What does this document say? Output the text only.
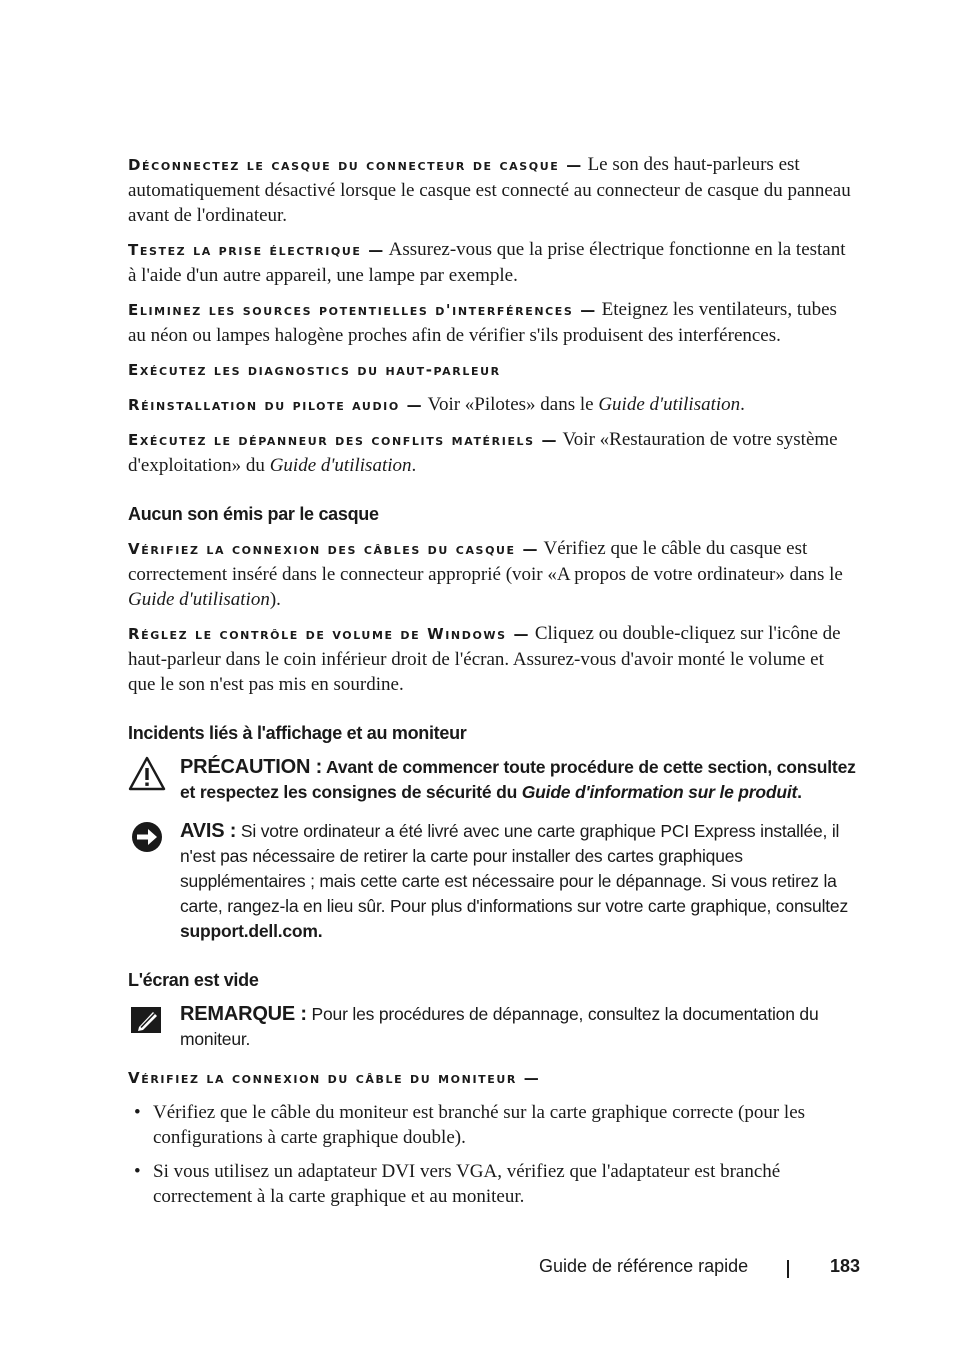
Déconnectez le casque du connecteur de casque — Le son des haut-parleurs est automatiquement désactivé lorsque le casque est connecté au connecteur de casque du panneau avant de l'ordinateur.

Testez la prise électrique — Assurez-vous que la prise électrique fonctionne en la testant à l'aide d'un autre appareil, une lampe par exemple.

Eliminez les sources potentielles d'interférences — Eteignez les ventilateurs, tubes au néon ou lampes halogène proches afin de vérifier s'ils produisent des interférences.

Exécutez les diagnostics du haut-parleur

Réinstallation du pilote audio — Voir «Pilotes» dans le Guide d'utilisation.

Exécutez le dépanneur des conflits matériels — Voir «Restauration de votre système d'exploitation» du Guide d'utilisation.

Aucun son émis par le casque

Vérifiez la connexion des câbles du casque — Vérifiez que le câble du casque est correctement inséré dans le connecteur approprié (voir «A propos de votre ordinateur» dans le Guide d'utilisation).

Réglez le contrôle de volume de Windows — Cliquez ou double-cliquez sur l'icône de haut-parleur dans le coin inférieur droit de l'écran. Assurez-vous d'avoir monté le volume et que le son n'est pas mis en sourdine.

Incidents liés à l'affichage et au moniteur
PRÉCAUTION : Avant de commencer toute procédure de cette section, consultez et respectez les consignes de sécurité du Guide d'information sur le produit.
AVIS : Si votre ordinateur a été livré avec une carte graphique PCI Express installée, il n'est pas nécessaire de retirer la carte pour installer des cartes graphiques supplémentaires ; mais cette carte est nécessaire pour le dépannage. Si vous retirez la carte, rangez-la en lieu sûr. Pour plus d'informations sur votre carte graphique, consultez support.dell.com.
L'écran est vide
REMARQUE : Pour les procédures de dépannage, consultez la documentation du moniteur.
Vérifiez la connexion du câble du moniteur —
• Vérifiez que le câble du moniteur est branché sur la carte graphique correcte (pour les configurations à carte graphique double).
• Si vous utilisez un adaptateur DVI vers VGA, vérifiez que l'adaptateur est branché correctement à la carte graphique et au moniteur.
Guide de référence rapide	183
